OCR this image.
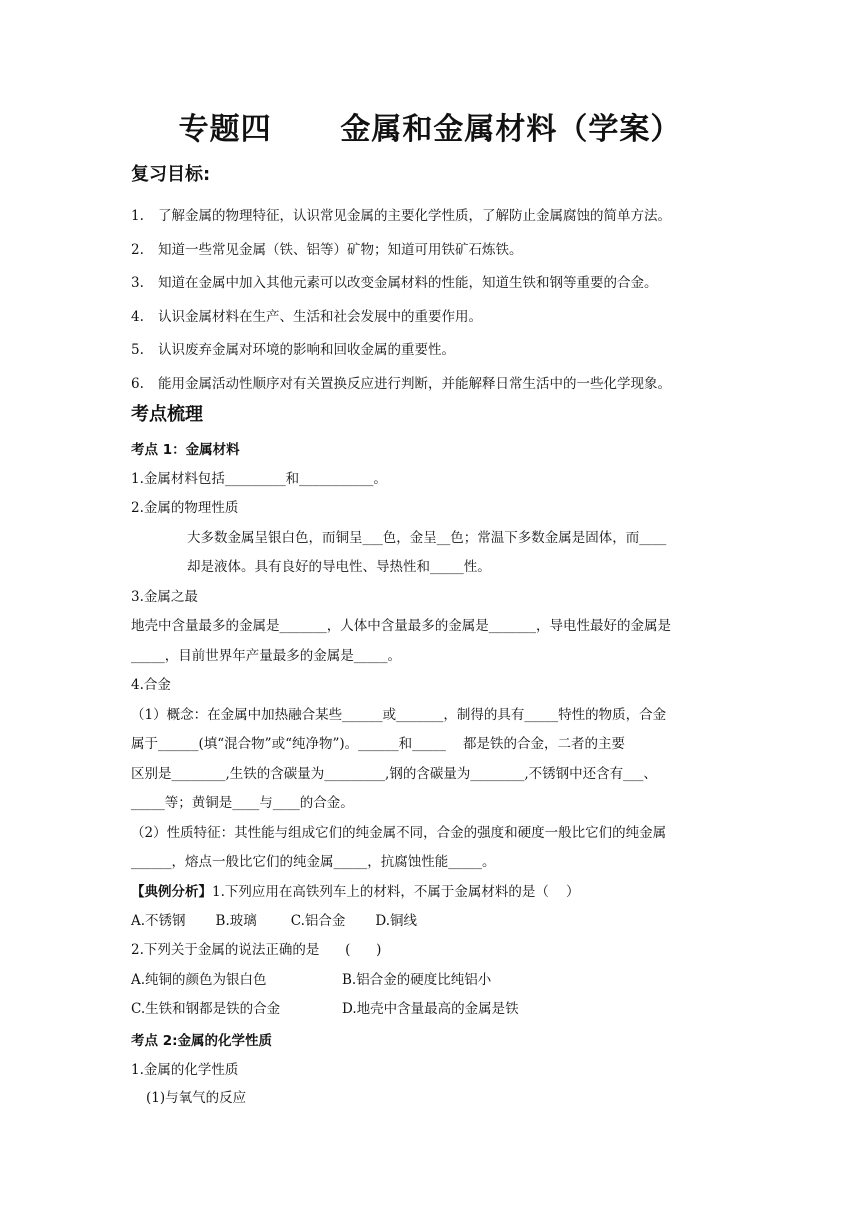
专题四      金属和金属材料（学案）
复习目标:
1. 了解金属的物理特征，认识常见金属的主要化学性质，了解防止金属腐蚀的简单方法。
2. 知道一些常见金属（铁、铝等）矿物；知道可用铁矿石炼铁。
3. 知道在金属中加入其他元素可以改变金属材料的性能，知道生铁和钢等重要的合金。
4. 认识金属材料在生产、生活和社会发展中的重要作用。
5. 认识废弃金属对环境的影响和回收金属的重要性。
6. 能用金属活动性顺序对有关置换反应进行判断，并能解释日常生活中的一些化学现象。
考点梳理
考点 1：金属材料
1.金属材料包括_________和___________。
2.金属的物理性质
大多数金属呈银白色，而铜呈___色，金呈__色；常温下多数金属是固体，而____
却是液体。具有良好的导电性、导热性和_____性。
3.金属之最
地壳中含量最多的金属是_______，人体中含量最多的金属是_______，导电性最好的金属是
_____，目前世界年产量最多的金属是_____。
4.合金
（1）概念：在金属中加热融合某些______或_______，制得的具有_____特性的物质，合金
属于______(填“混合物”或“纯净物”)。______和_____    都是铁的合金，二者的主要
区别是________,生铁的含碳量为_________,钢的含碳量为________,不锈钢中还含有___、
_____等；黄铜是____与____的合金。
（2）性质特征：其性能与组成它们的纯金属不同，合金的强度和硬度一般比它们的纯金属
______，熔点一般比它们的纯金属_____，抗腐蚀性能_____。
【典例分析】1.下列应用在高铁列车上的材料，不属于金属材料的是（    ）
A.不锈钢 B.玻璃	C.铝合金 D.铜线
2.下列关于金属的说法正确的是      (      )
A.纯铜的颜色为银白色	B.铝合金的硬度比纯铝小
C.生铁和钢都是铁的合金	D.地壳中含量最高的金属是铁
考点 2:金属的化学性质
1.金属的化学性质
(1)与氧气的反应
